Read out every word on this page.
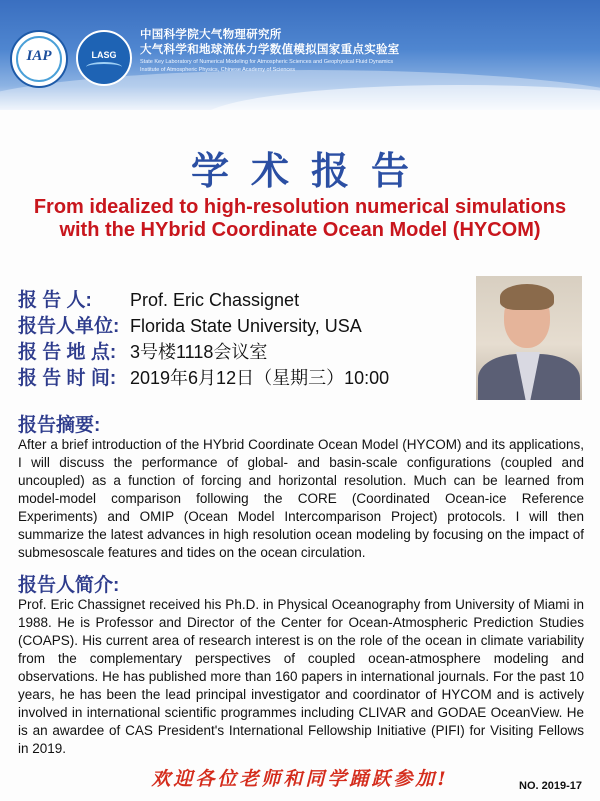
IAP	LASG
中国科学院大气物理研究所
大气科学和地球流体力学数值模拟国家重点实验室
State Key Laboratory of Numerical Modeling for Atmospheric Sciences and Geophysical Fluid Dynamics
Institute of Atmospheric Physics, Chinese Academy of Sciences
学术报告
From idealized to high-resolution numerical simulations with the HYbrid Coordinate Ocean Model (HYCOM)
报 告 人: Prof. Eric Chassignet
报告人单位: Florida State University, USA
报 告 地 点: 3号楼1118会议室
报 告 时 间: 2019年6月12日（星期三）10:00
报告摘要:
After a brief introduction of the HYbrid Coordinate Ocean Model (HYCOM) and its applications, I will discuss the performance of global- and basin-scale configurations (coupled and uncoupled) as a function of forcing and horizontal resolution. Much can be learned from model-model comparison following the CORE (Coordinated Ocean-ice Reference Experiments) and OMIP (Ocean Model Intercomparison Project) protocols. I will then summarize the latest advances in high resolution ocean modeling by focusing on the impact of submesoscale features and tides on the ocean circulation.
报告人简介:
Prof. Eric Chassignet received his Ph.D. in Physical Oceanography from University of Miami in 1988. He is Professor and Director of the Center for Ocean-Atmospheric Prediction Studies (COAPS). His current area of research interest is on the role of the ocean in climate variability from the complementary perspectives of coupled ocean-atmosphere modeling and observations. He has published more than 160 papers in international journals. For the past 10 years, he has been the lead principal investigator and coordinator of HYCOM and is actively involved in international scientific programmes including CLIVAR and GODAE OceanView. He is an awardee of CAS President's International Fellowship Initiative (PIFI) for Visiting Fellows in 2019.
欢迎各位老师和同学踊跃参加!	NO. 2019-17
